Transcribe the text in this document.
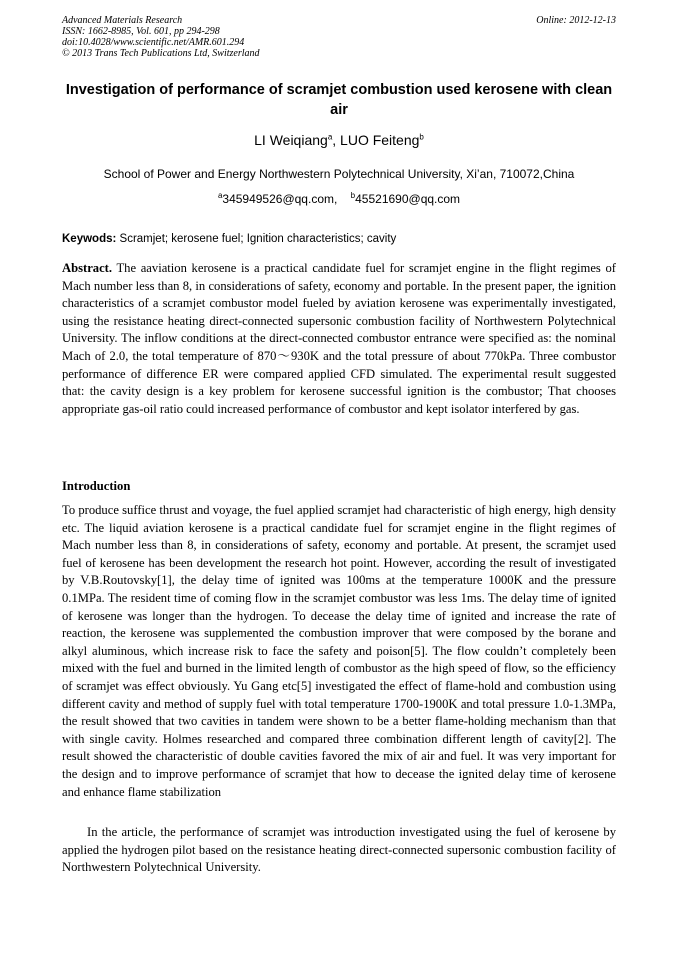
Advanced Materials Research
ISSN: 1662-8985, Vol. 601, pp 294-298
doi:10.4028/www.scientific.net/AMR.601.294
© 2013 Trans Tech Publications Ltd, Switzerland
Online: 2012-12-13
Investigation of performance of scramjet combustion used kerosene with clean air
LI Weiqiang$^a$, LUO Feiteng$^b$
School of Power and Energy Northwestern Polytechnical University, Xi’an, 710072,China
$^a$345949526@qq.com, $^b$45521690@qq.com
Keywods: Scramjet; kerosene fuel; Ignition characteristics; cavity
Abstract. The aaviation kerosene is a practical candidate fuel for scramjet engine in the flight regimes of Mach number less than 8, in considerations of safety, economy and portable. In the present paper, the ignition characteristics of a scramjet combustor model fueled by aviation kerosene was experimentally investigated, using the resistance heating direct-connected supersonic combustion facility of Northwestern Polytechnical University. The inflow conditions at the direct-connected combustor entrance were specified as: the nominal Mach of 2.0, the total temperature of 870～930K and the total pressure of about 770kPa. Three combustor performance of difference ER were compared applied CFD simulated. The experimental result suggested that: the cavity design is a key problem for kerosene successful ignition is the combustor; That chooses appropriate gas-oil ratio could increased performance of combustor and kept isolator interfered by gas.
Introduction
To produce suffice thrust and voyage, the fuel applied scramjet had characteristic of high energy, high density etc. The liquid aviation kerosene is a practical candidate fuel for scramjet engine in the flight regimes of Mach number less than 8, in considerations of safety, economy and portable. At present, the scramjet used fuel of kerosene has been development the research hot point. However, according the result of investigated by V.B.Routovsky[1], the delay time of ignited was 100ms at the temperature 1000K and the pressure 0.1MPa. The resident time of coming flow in the scramjet combustor was less 1ms. The delay time of ignited of kerosene was longer than the hydrogen. To decease the delay time of ignited and increase the rate of reaction, the kerosene was supplemented the combustion improver that were composed by the borane and alkyl aluminous, which increase risk to face the safety and poison[5]. The flow couldn’t completely been mixed with the fuel and burned in the limited length of combustor as the high speed of flow, so the efficiency of scramjet was effect obviously. Yu Gang etc[5] investigated the effect of flame-hold and combustion using different cavity and method of supply fuel with total temperature 1700-1900K and total pressure 1.0-1.3MPa, the result showed that two cavities in tandem were shown to be a better flame-holding mechanism than that with single cavity. Holmes researched and compared three combination different length of cavity[2]. The result showed the characteristic of double cavities favored the mix of air and fuel. It was very important for the design and to improve performance of scramjet that how to decease the ignited delay time of kerosene and enhance flame stabilization
In the article, the performance of scramjet was introduction investigated using the fuel of kerosene by applied the hydrogen pilot based on the resistance heating direct-connected supersonic combustion facility of Northwestern Polytechnical University.
